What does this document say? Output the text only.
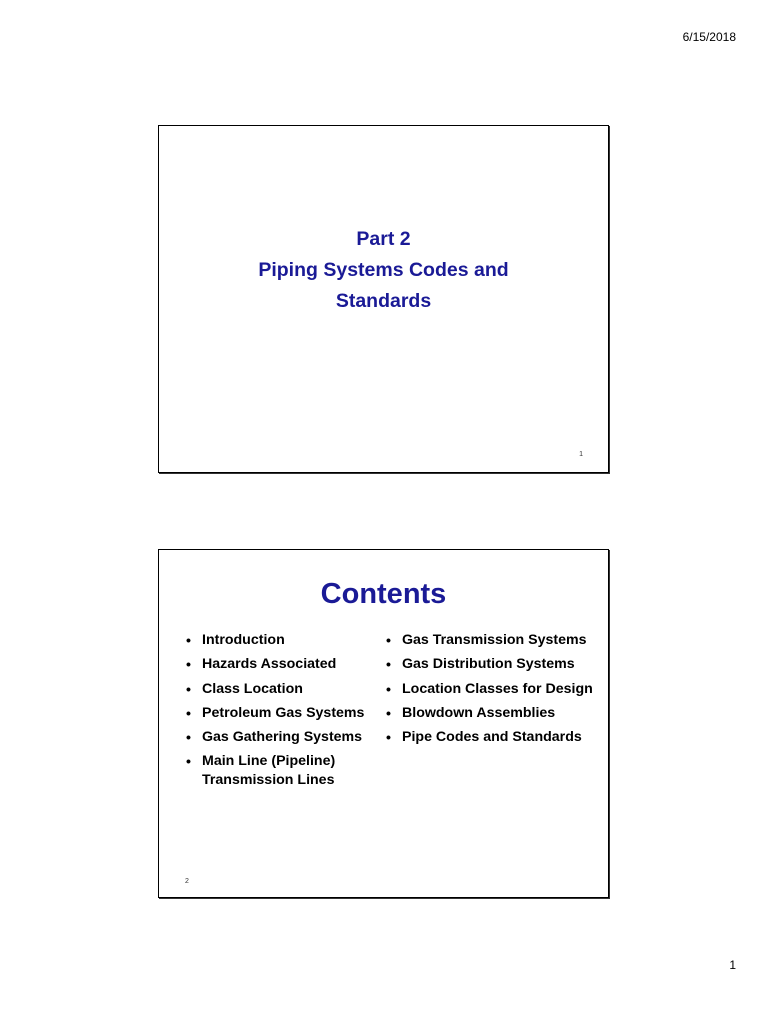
6/15/2018
Part 2
Piping Systems Codes and
Standards
1
2
Contents
• Introduction
• Hazards Associated
• Class Location
• Petroleum Gas Systems
• Gas Gathering Systems
• Main Line (Pipeline) Transmission Lines
• Gas Transmission Systems
• Gas Distribution Systems
• Location Classes for Design
• Blowdown Assemblies
• Pipe Codes and Standards
1
